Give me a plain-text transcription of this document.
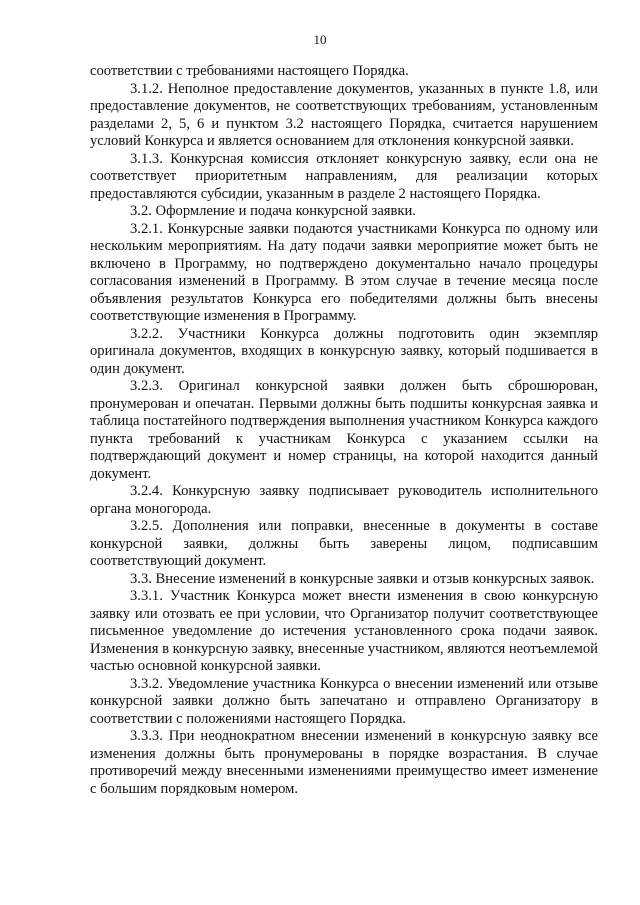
10

соответствии с требованиями настоящего Порядка.

3.1.2. Неполное предоставление документов, указанных в пункте 1.8, или предоставление документов, не соответствующих требованиям, установленным разделами 2, 5, 6 и пунктом 3.2 настоящего Порядка, считается нарушением условий Конкурса и является основанием для отклонения конкурсной заявки.

3.1.3. Конкурсная комиссия отклоняет конкурсную заявку, если она не соответствует приоритетным направлениям, для реализации которых предоставляются субсидии, указанным в разделе 2 настоящего Порядка.

3.2. Оформление и подача конкурсной заявки.

3.2.1. Конкурсные заявки подаются участниками Конкурса по одному или нескольким мероприятиям. На дату подачи заявки мероприятие может быть не включено в Программу, но подтверждено документально начало процедуры согласования изменений в Программу. В этом случае в течение месяца после объявления результатов Конкурса его победителями должны быть внесены соответствующие изменения в Программу.

3.2.2. Участники Конкурса должны подготовить один экземпляр оригинала документов, входящих в конкурсную заявку, который подшивается в один документ.

3.2.3. Оригинал конкурсной заявки должен быть сброшюрован, пронумерован и опечатан. Первыми должны быть подшиты конкурсная заявка и таблица постатейного подтверждения выполнения участником Конкурса каждого пункта требований к участникам Конкурса с указанием ссылки на подтверждающий документ и номер страницы, на которой находится данный документ.

3.2.4. Конкурсную заявку подписывает руководитель исполнительного органа моногорода.

3.2.5. Дополнения или поправки, внесенные в документы в составе конкурсной заявки, должны быть заверены лицом, подписавшим соответствующий документ.

3.3. Внесение изменений в конкурсные заявки и отзыв конкурсных заявок.

3.3.1. Участник Конкурса может внести изменения в свою конкурсную заявку или отозвать ее при условии, что Организатор получит соответствующее письменное уведомление до истечения установленного срока подачи заявок. Изменения в конкурсную заявку, внесенные участником, являются неотъемлемой частью основной конкурсной заявки.

3.3.2. Уведомление участника Конкурса о внесении изменений или отзыве конкурсной заявки должно быть запечатано и отправлено Организатору в соответствии с положениями настоящего Порядка.

3.3.3. При неоднократном внесении изменений в конкурсную заявку все изменения должны быть пронумерованы в порядке возрастания. В случае противоречий между внесенными изменениями преимущество имеет изменение с большим порядковым номером.
